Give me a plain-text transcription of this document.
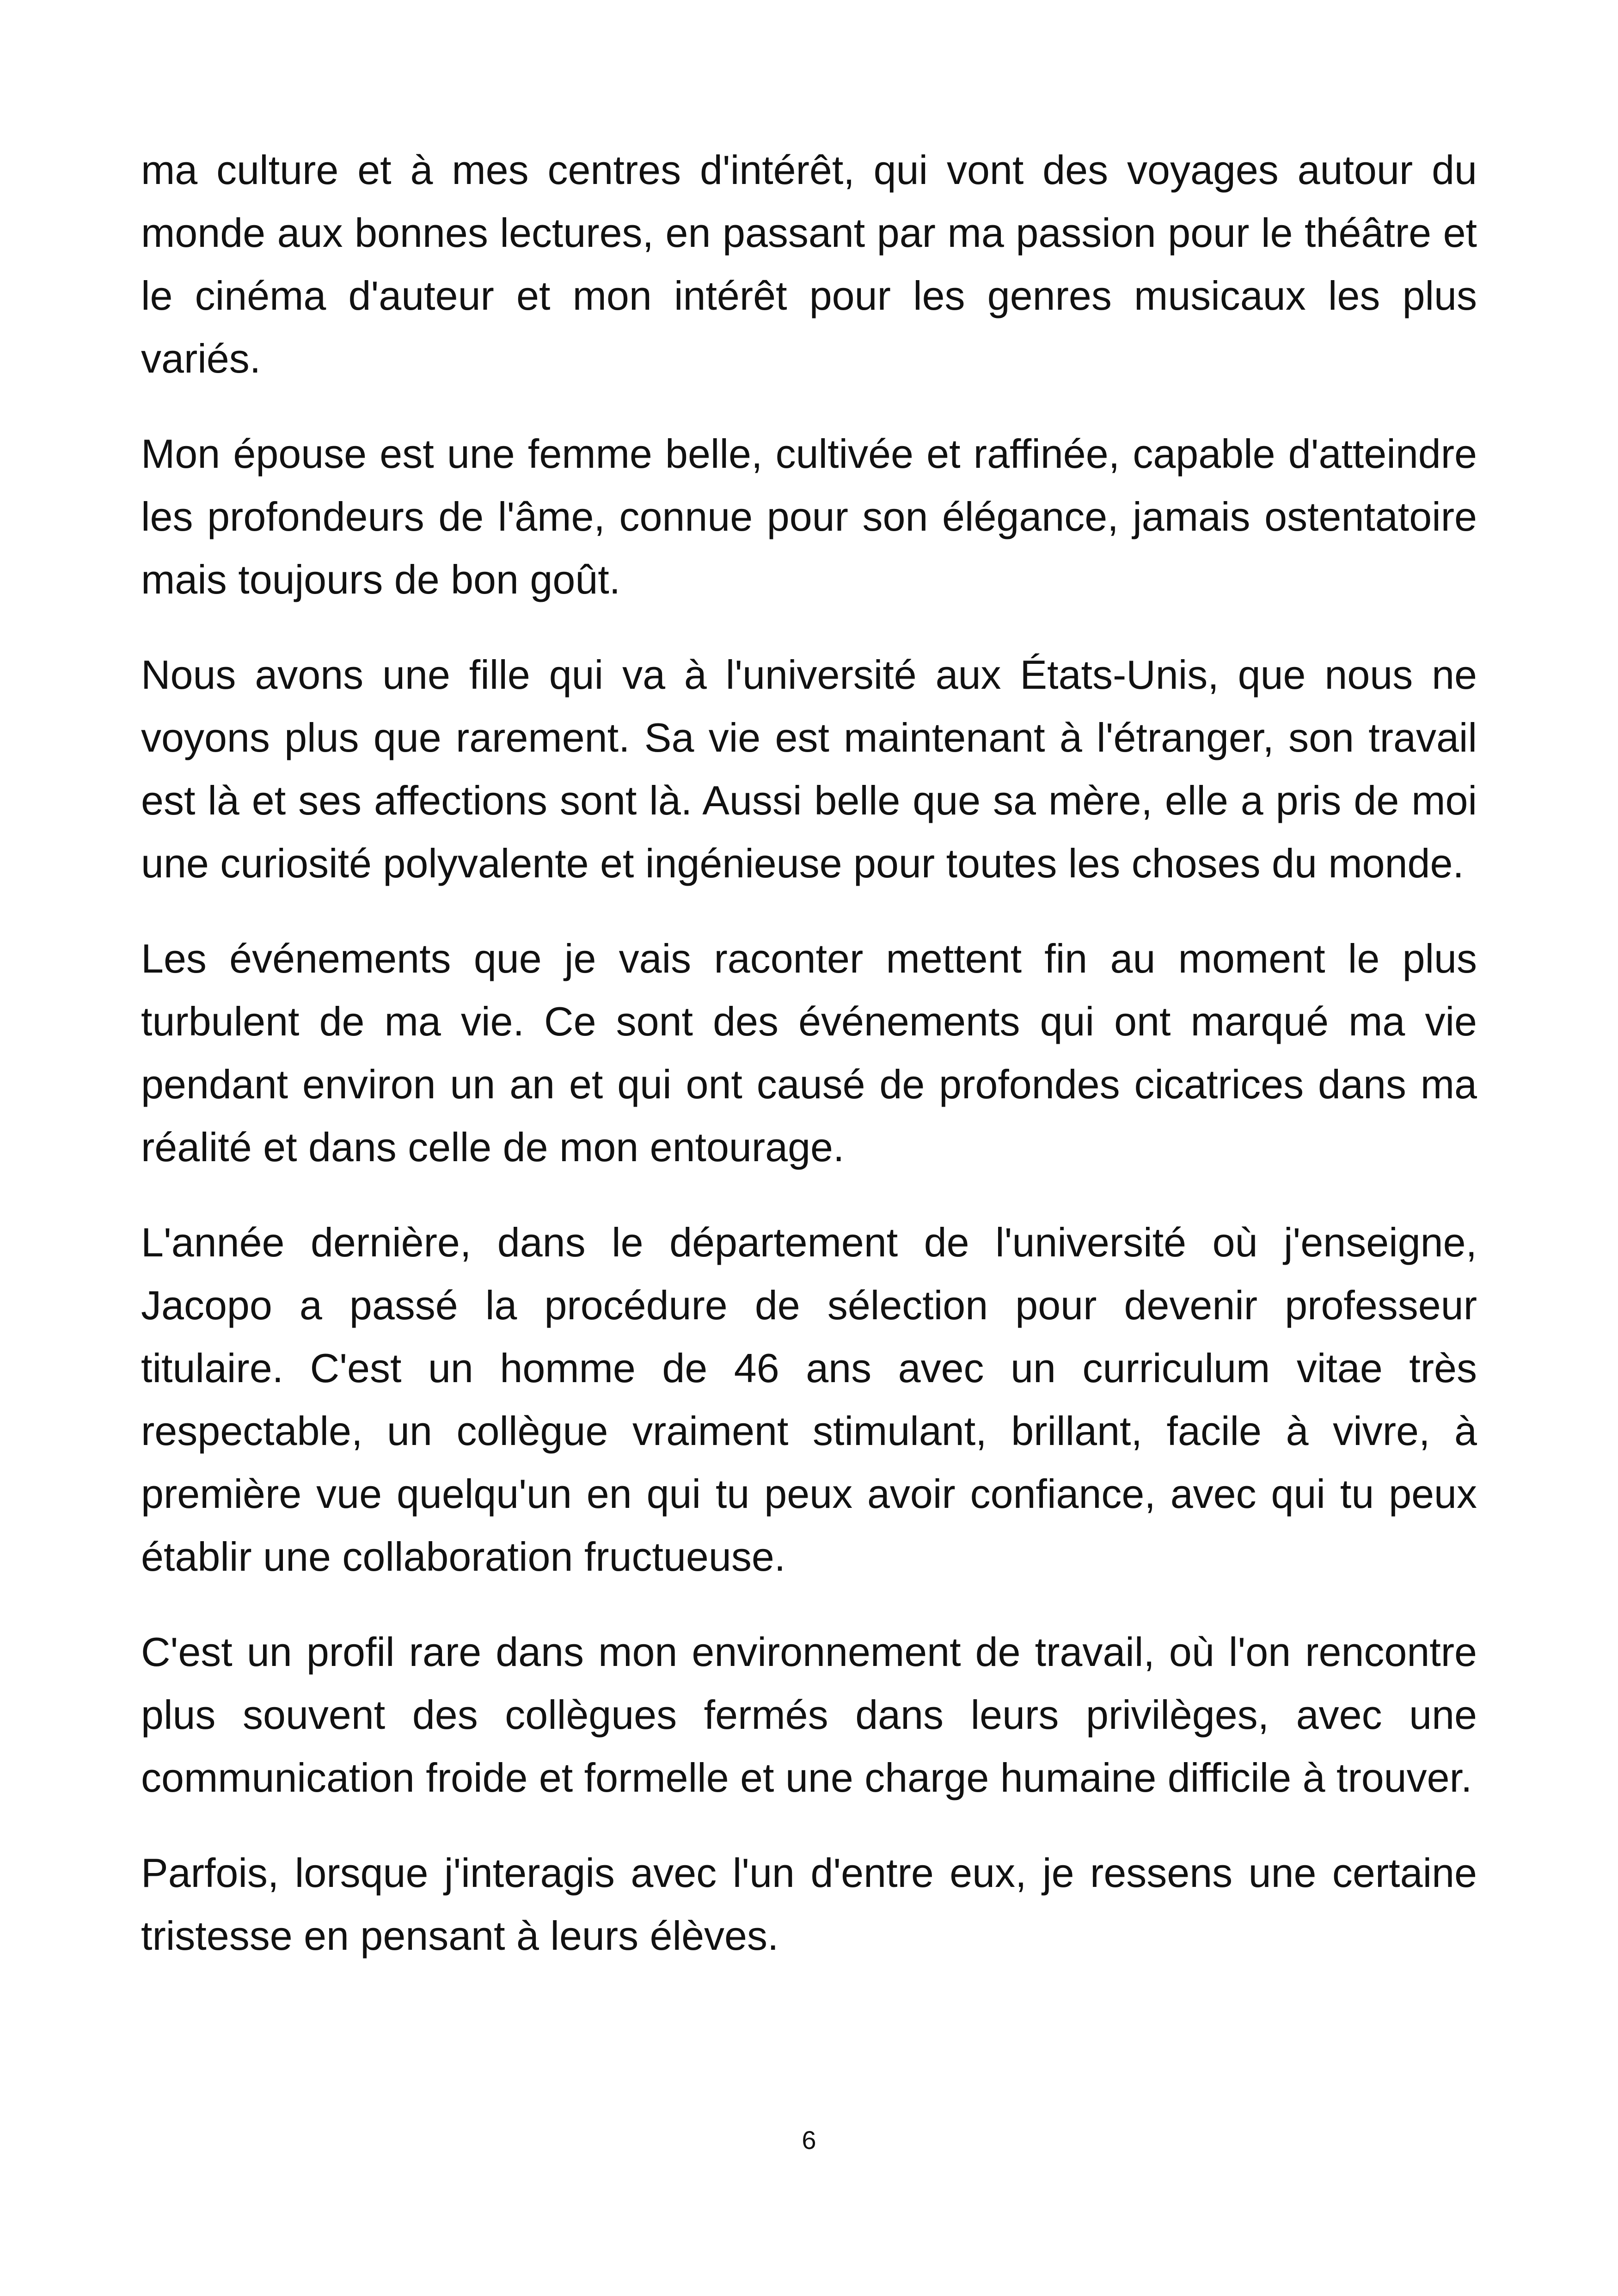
ma culture et à mes centres d'intérêt, qui vont des voyages autour du monde aux bonnes lectures, en passant par ma passion pour le théâtre et le cinéma d'auteur et mon intérêt pour les genres musicaux les plus variés.

Mon épouse est une femme belle, cultivée et raffinée, capable d'atteindre les profondeurs de l'âme, connue pour son élégance, jamais ostentatoire mais toujours de bon goût.

Nous avons une fille qui va à l'université aux États-Unis, que nous ne voyons plus que rarement. Sa vie est maintenant à l'étranger, son travail est là et ses affections sont là. Aussi belle que sa mère, elle a pris de moi une curiosité polyvalente et ingénieuse pour toutes les choses du monde.

Les événements que je vais raconter mettent fin au moment le plus turbulent de ma vie. Ce sont des événements qui ont marqué ma vie pendant environ un an et qui ont causé de profondes cicatrices dans ma réalité et dans celle de mon entourage.

L'année dernière, dans le département de l'université où j'enseigne, Jacopo a passé la procédure de sélection pour devenir professeur titulaire. C'est un homme de 46 ans avec un curriculum vitae très respectable, un collègue vraiment stimulant, brillant, facile à vivre, à première vue quelqu'un en qui tu peux avoir confiance, avec qui tu peux établir une collaboration fructueuse.

C'est un profil rare dans mon environnement de travail, où l'on rencontre plus souvent des collègues fermés dans leurs privilèges, avec une communication froide et formelle et une charge humaine difficile à trouver.

Parfois, lorsque j'interagis avec l'un d'entre eux, je ressens une certaine tristesse en pensant à leurs élèves.

6
